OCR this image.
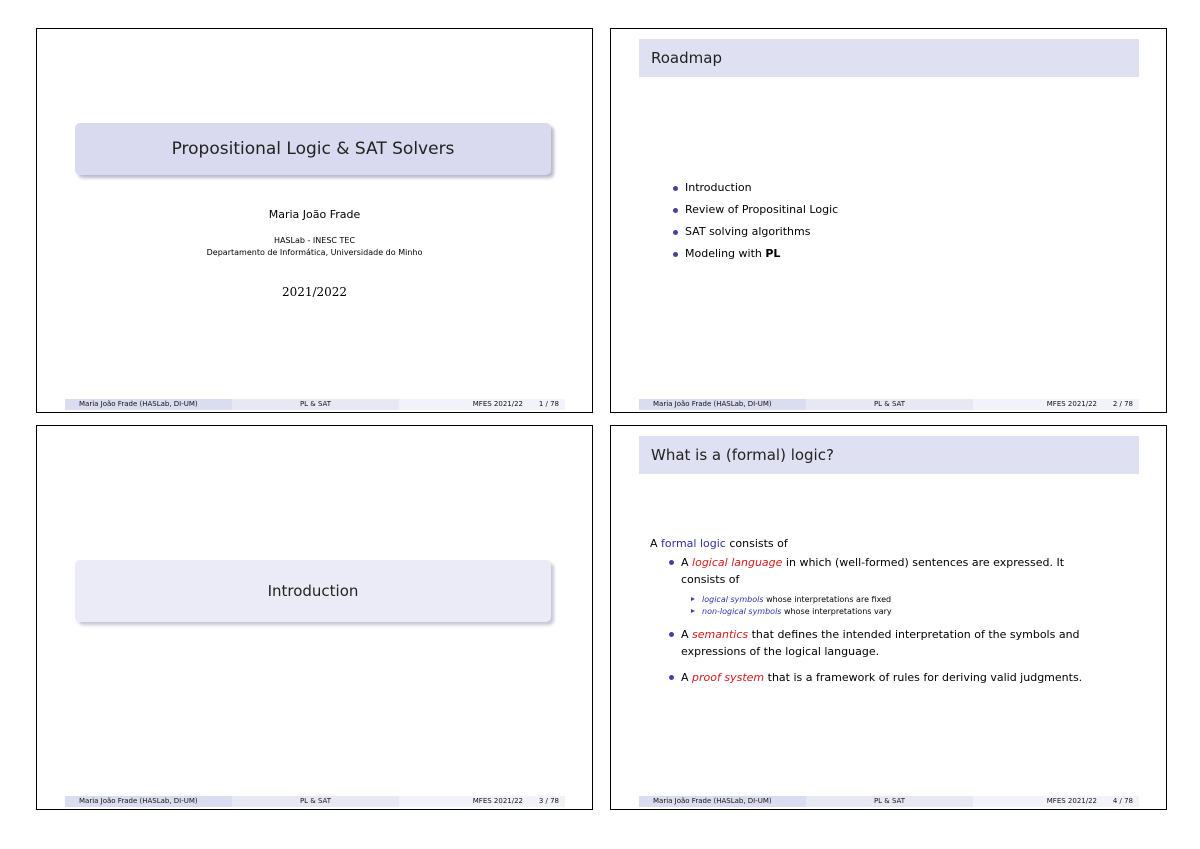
Propositional Logic & SAT Solvers
Maria João Frade
HASLab - INESC TEC
Departamento de Informática, Universidade do Minho
2021/2022
Maria João Frade (HASLab, DI-UM)	PL & SAT	MFES 2021/22	1 / 78
Roadmap
Introduction
Review of Propositinal Logic
SAT solving algorithms
Modeling with PL
Maria João Frade (HASLab, DI-UM)	PL & SAT	MFES 2021/22	2 / 78
Introduction
Maria João Frade (HASLab, DI-UM)	PL & SAT	MFES 2021/22	3 / 78
What is a (formal) logic?
A formal logic consists of
A logical language in which (well-formed) sentences are expressed. It
consists of
logical symbols whose interpretations are fixed
non-logical symbols whose interpretations vary
A semantics that defines the intended interpretation of the symbols and expressions of the logical language.
A proof system that is a framework of rules for deriving valid judgments.
Maria João Frade (HASLab, DI-UM)	PL & SAT	MFES 2021/22	4 / 78
